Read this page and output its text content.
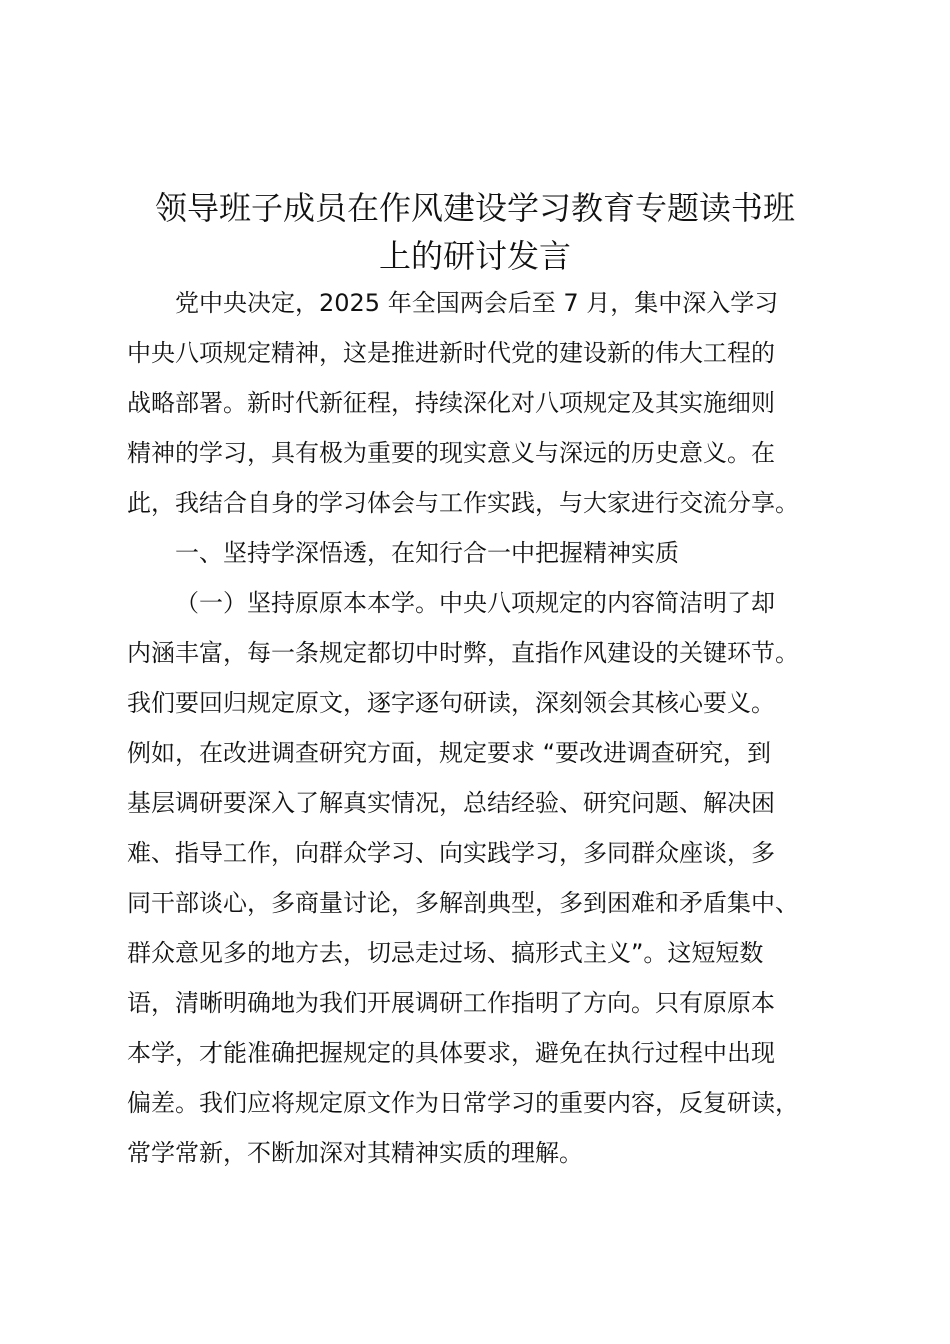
领导班子成员在作风建设学习教育专题读书班
上的研讨发言

党中央决定，2025 年全国两会后至 7 月，集中深入学习

中央八项规定精神，这是推进新时代党的建设新的伟大工程的

战略部署。新时代新征程，持续深化对八项规定及其实施细则

精神的学习，具有极为重要的现实意义与深远的历史意义。在

此，我结合自身的学习体会与工作实践，与大家进行交流分享。

一、坚持学深悟透，在知行合一中把握精神实质

（一）坚持原原本本学。中央八项规定的内容简洁明了却

内涵丰富，每一条规定都切中时弊，直指作风建设的关键环节。

我们要回归规定原文，逐字逐句研读，深刻领会其核心要义。

例如，在改进调查研究方面，规定要求 “要改进调查研究，到

基层调研要深入了解真实情况，总结经验、研究问题、解决困

难、指导工作，向群众学习、向实践学习，多同群众座谈，多

同干部谈心，多商量讨论，多解剖典型，多到困难和矛盾集中、

群众意见多的地方去，切忌走过场、搞形式主义”。这短短数

语，清晰明确地为我们开展调研工作指明了方向。只有原原本

本学，才能准确把握规定的具体要求，避免在执行过程中出现

偏差。我们应将规定原文作为日常学习的重要内容，反复研读，

常学常新，不断加深对其精神实质的理解。
